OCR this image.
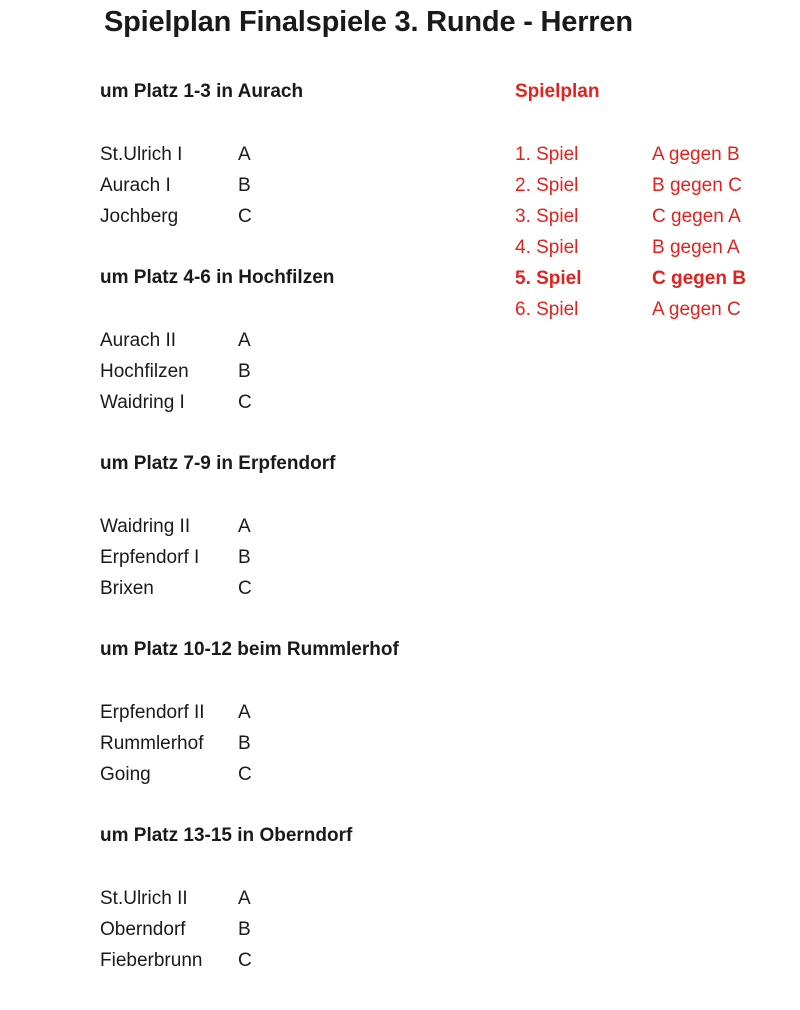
Spielplan Finalspiele 3. Runde - Herren
um Platz 1-3 in Aurach
St.Ulrich I	A
Aurach I	B
Jochberg	C
um Platz 4-6 in Hochfilzen
Aurach II	A
Hochfilzen	B
Waidring I	C
um Platz 7-9 in Erpfendorf
Waidring II	A
Erpfendorf I	B
Brixen	C
um Platz 10-12 beim Rummlerhof
Erpfendorf II	A
Rummlerhof	B
Going	C
um Platz 13-15 in Oberndorf
St.Ulrich II	A
Oberndorf	B
Fieberbrunn	C
Spielplan
1. Spiel	A gegen B
2. Spiel	B gegen C
3. Spiel	C gegen A
4. Spiel	B gegen A
5. Spiel	C gegen B
6. Spiel	A gegen C
